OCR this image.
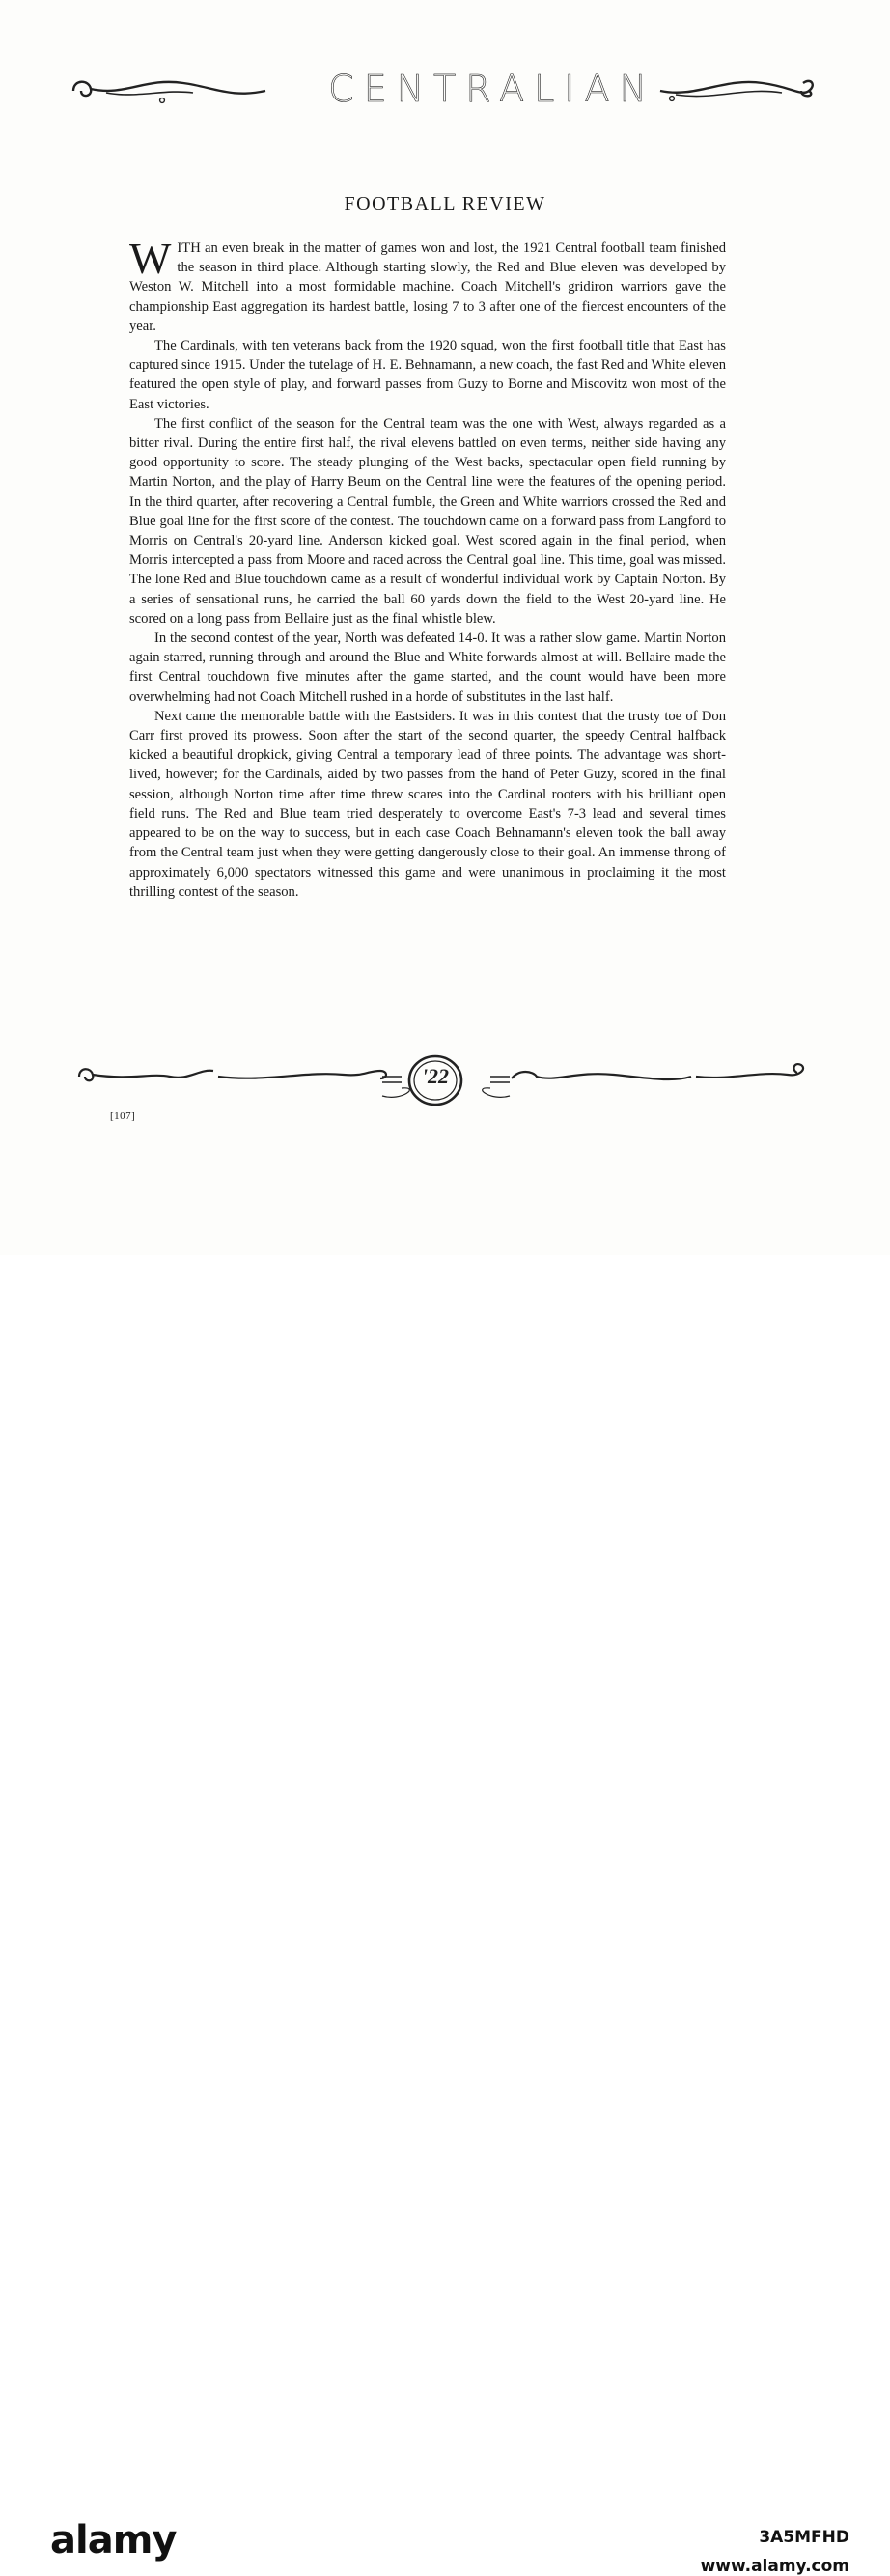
CENTRALIAN
FOOTBALL REVIEW

WITH an even break in the matter of games won and lost, the 1921 Central football team finished the season in third place. Although starting slowly, the Red and Blue eleven was developed by Weston W. Mitchell into a most formidable machine. Coach Mitchell's gridiron warriors gave the championship East aggregation its hardest battle, losing 7 to 3 after one of the fiercest encounters of the year.

The Cardinals, with ten veterans back from the 1920 squad, won the first football title that East has captured since 1915. Under the tutelage of H. E. Behnamann, a new coach, the fast Red and White eleven featured the open style of play, and forward passes from Guzy to Borne and Miscovitz won most of the East victories.

The first conflict of the season for the Central team was the one with West, always regarded as a bitter rival. During the entire first half, the rival elevens battled on even terms, neither side having any good opportunity to score. The steady plunging of the West backs, spectacular open field running by Martin Norton, and the play of Harry Beum on the Central line were the features of the opening period. In the third quarter, after recovering a Central fumble, the Green and White warriors crossed the Red and Blue goal line for the first score of the contest. The touchdown came on a forward pass from Langford to Morris on Central's 20-yard line. Anderson kicked goal. West scored again in the final period, when Morris intercepted a pass from Moore and raced across the Central goal line. This time, goal was missed. The lone Red and Blue touchdown came as a result of wonderful individual work by Captain Norton. By a series of sensational runs, he carried the ball 60 yards down the field to the West 20-yard line. He scored on a long pass from Bellaire just as the final whistle blew.

In the second contest of the year, North was defeated 14-0. It was a rather slow game. Martin Norton again starred, running through and around the Blue and White forwards almost at will. Bellaire made the first Central touchdown five minutes after the game started, and the count would have been more overwhelming had not Coach Mitchell rushed in a horde of substitutes in the last half.

Next came the memorable battle with the Eastsiders. It was in this contest that the trusty toe of Don Carr first proved its prowess. Soon after the start of the second quarter, the speedy Central halfback kicked a beautiful dropkick, giving Central a temporary lead of three points. The advantage was short-lived, however; for the Cardinals, aided by two passes from the hand of Peter Guzy, scored in the final session, although Norton time after time threw scares into the Cardinal rooters with his brilliant open field runs. The Red and Blue team tried desperately to overcome East's 7-3 lead and several times appeared to be on the way to success, but in each case Coach Behnamann's eleven took the ball away from the Central team just when they were getting dangerously close to their goal. An immense throng of approximately 6,000 spectators witnessed this game and were unanimous in proclaiming it the most thrilling contest of the season.

'22
[107]
alamy	3A5MFHD
www.alamy.com
